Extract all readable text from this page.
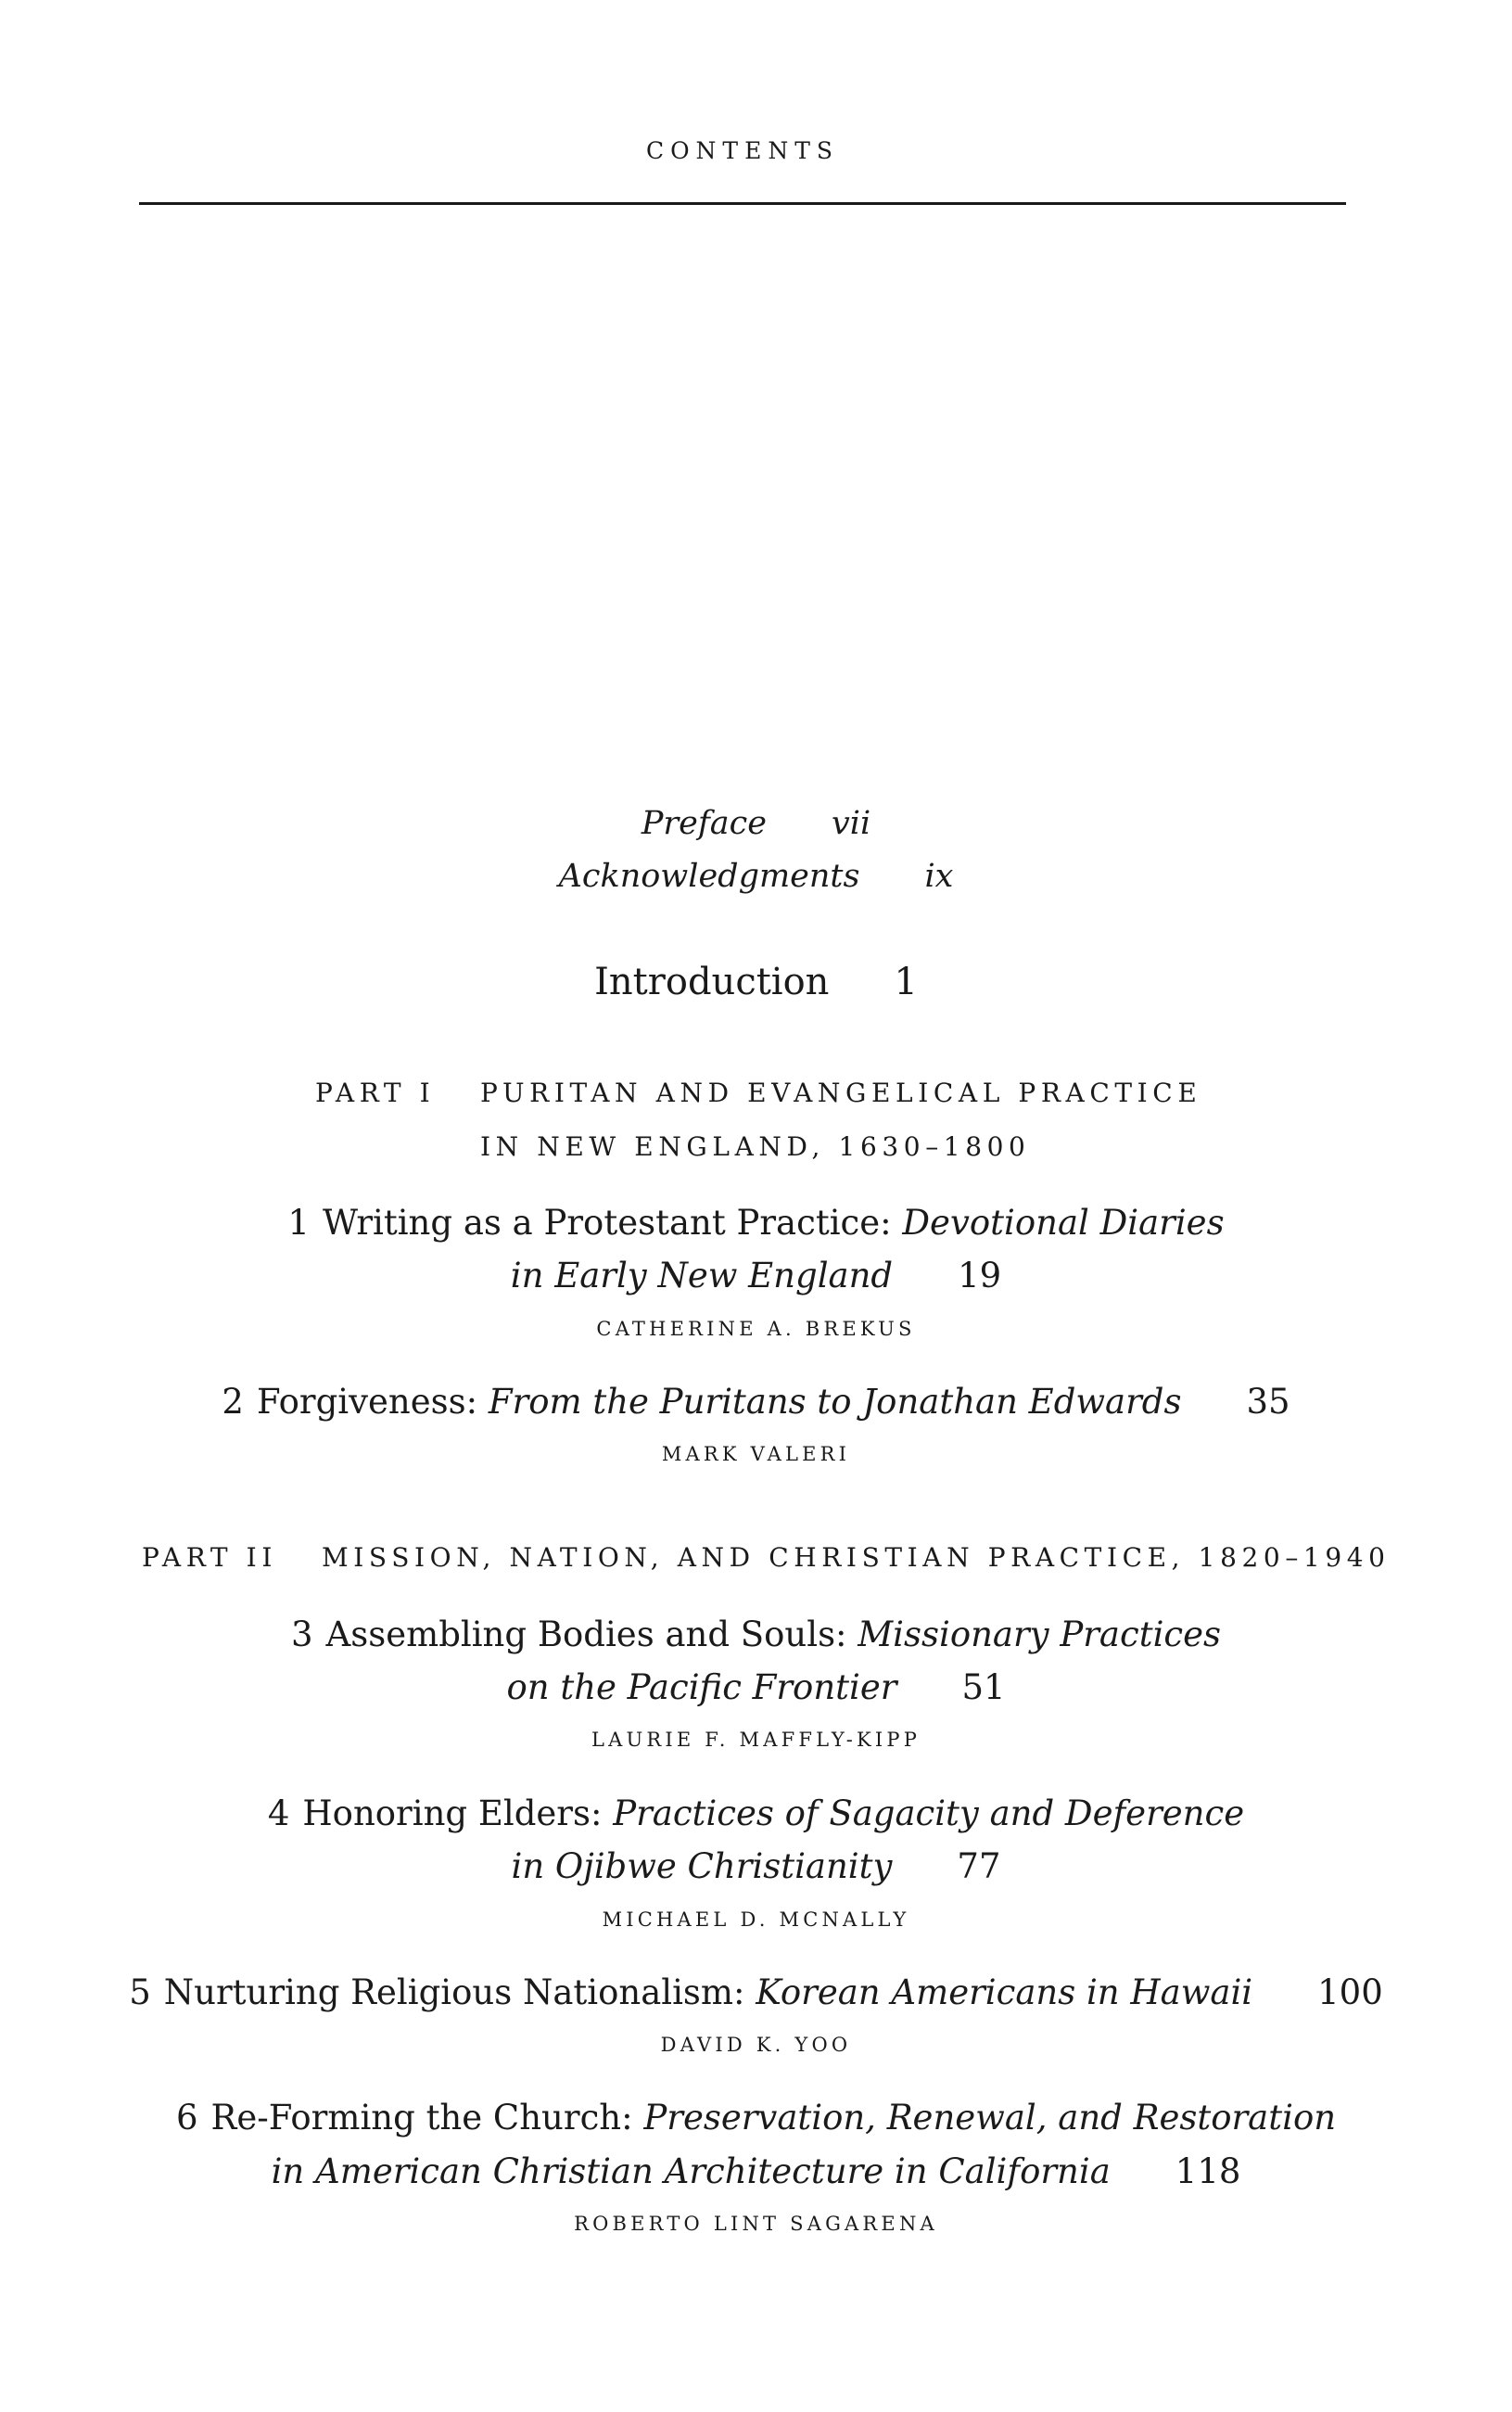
CONTENTS
Preface vii
Acknowledgments ix
Introduction 1
PART I PURITAN AND EVANGELICAL PRACTICE
IN NEW ENGLAND, 1630–1800
1 Writing as a Protestant Practice: Devotional Diaries
in Early New England 19
CATHERINE A. BREKUS
2 Forgiveness: From the Puritans to Jonathan Edwards 35
MARK VALERI
PART II MISSION, NATION, AND CHRISTIAN PRACTICE, 1820–1940
3 Assembling Bodies and Souls: Missionary Practices
on the Pacific Frontier 51
LAURIE F. MAFFLY-KIPP
4 Honoring Elders: Practices of Sagacity and Deference
in Ojibwe Christianity 77
MICHAEL D. MCNALLY
5 Nurturing Religious Nationalism: Korean Americans in Hawaii 100
DAVID K. YOO
6 Re-Forming the Church: Preservation, Renewal, and Restoration
in American Christian Architecture in California 118
ROBERTO LINT SAGARENA
